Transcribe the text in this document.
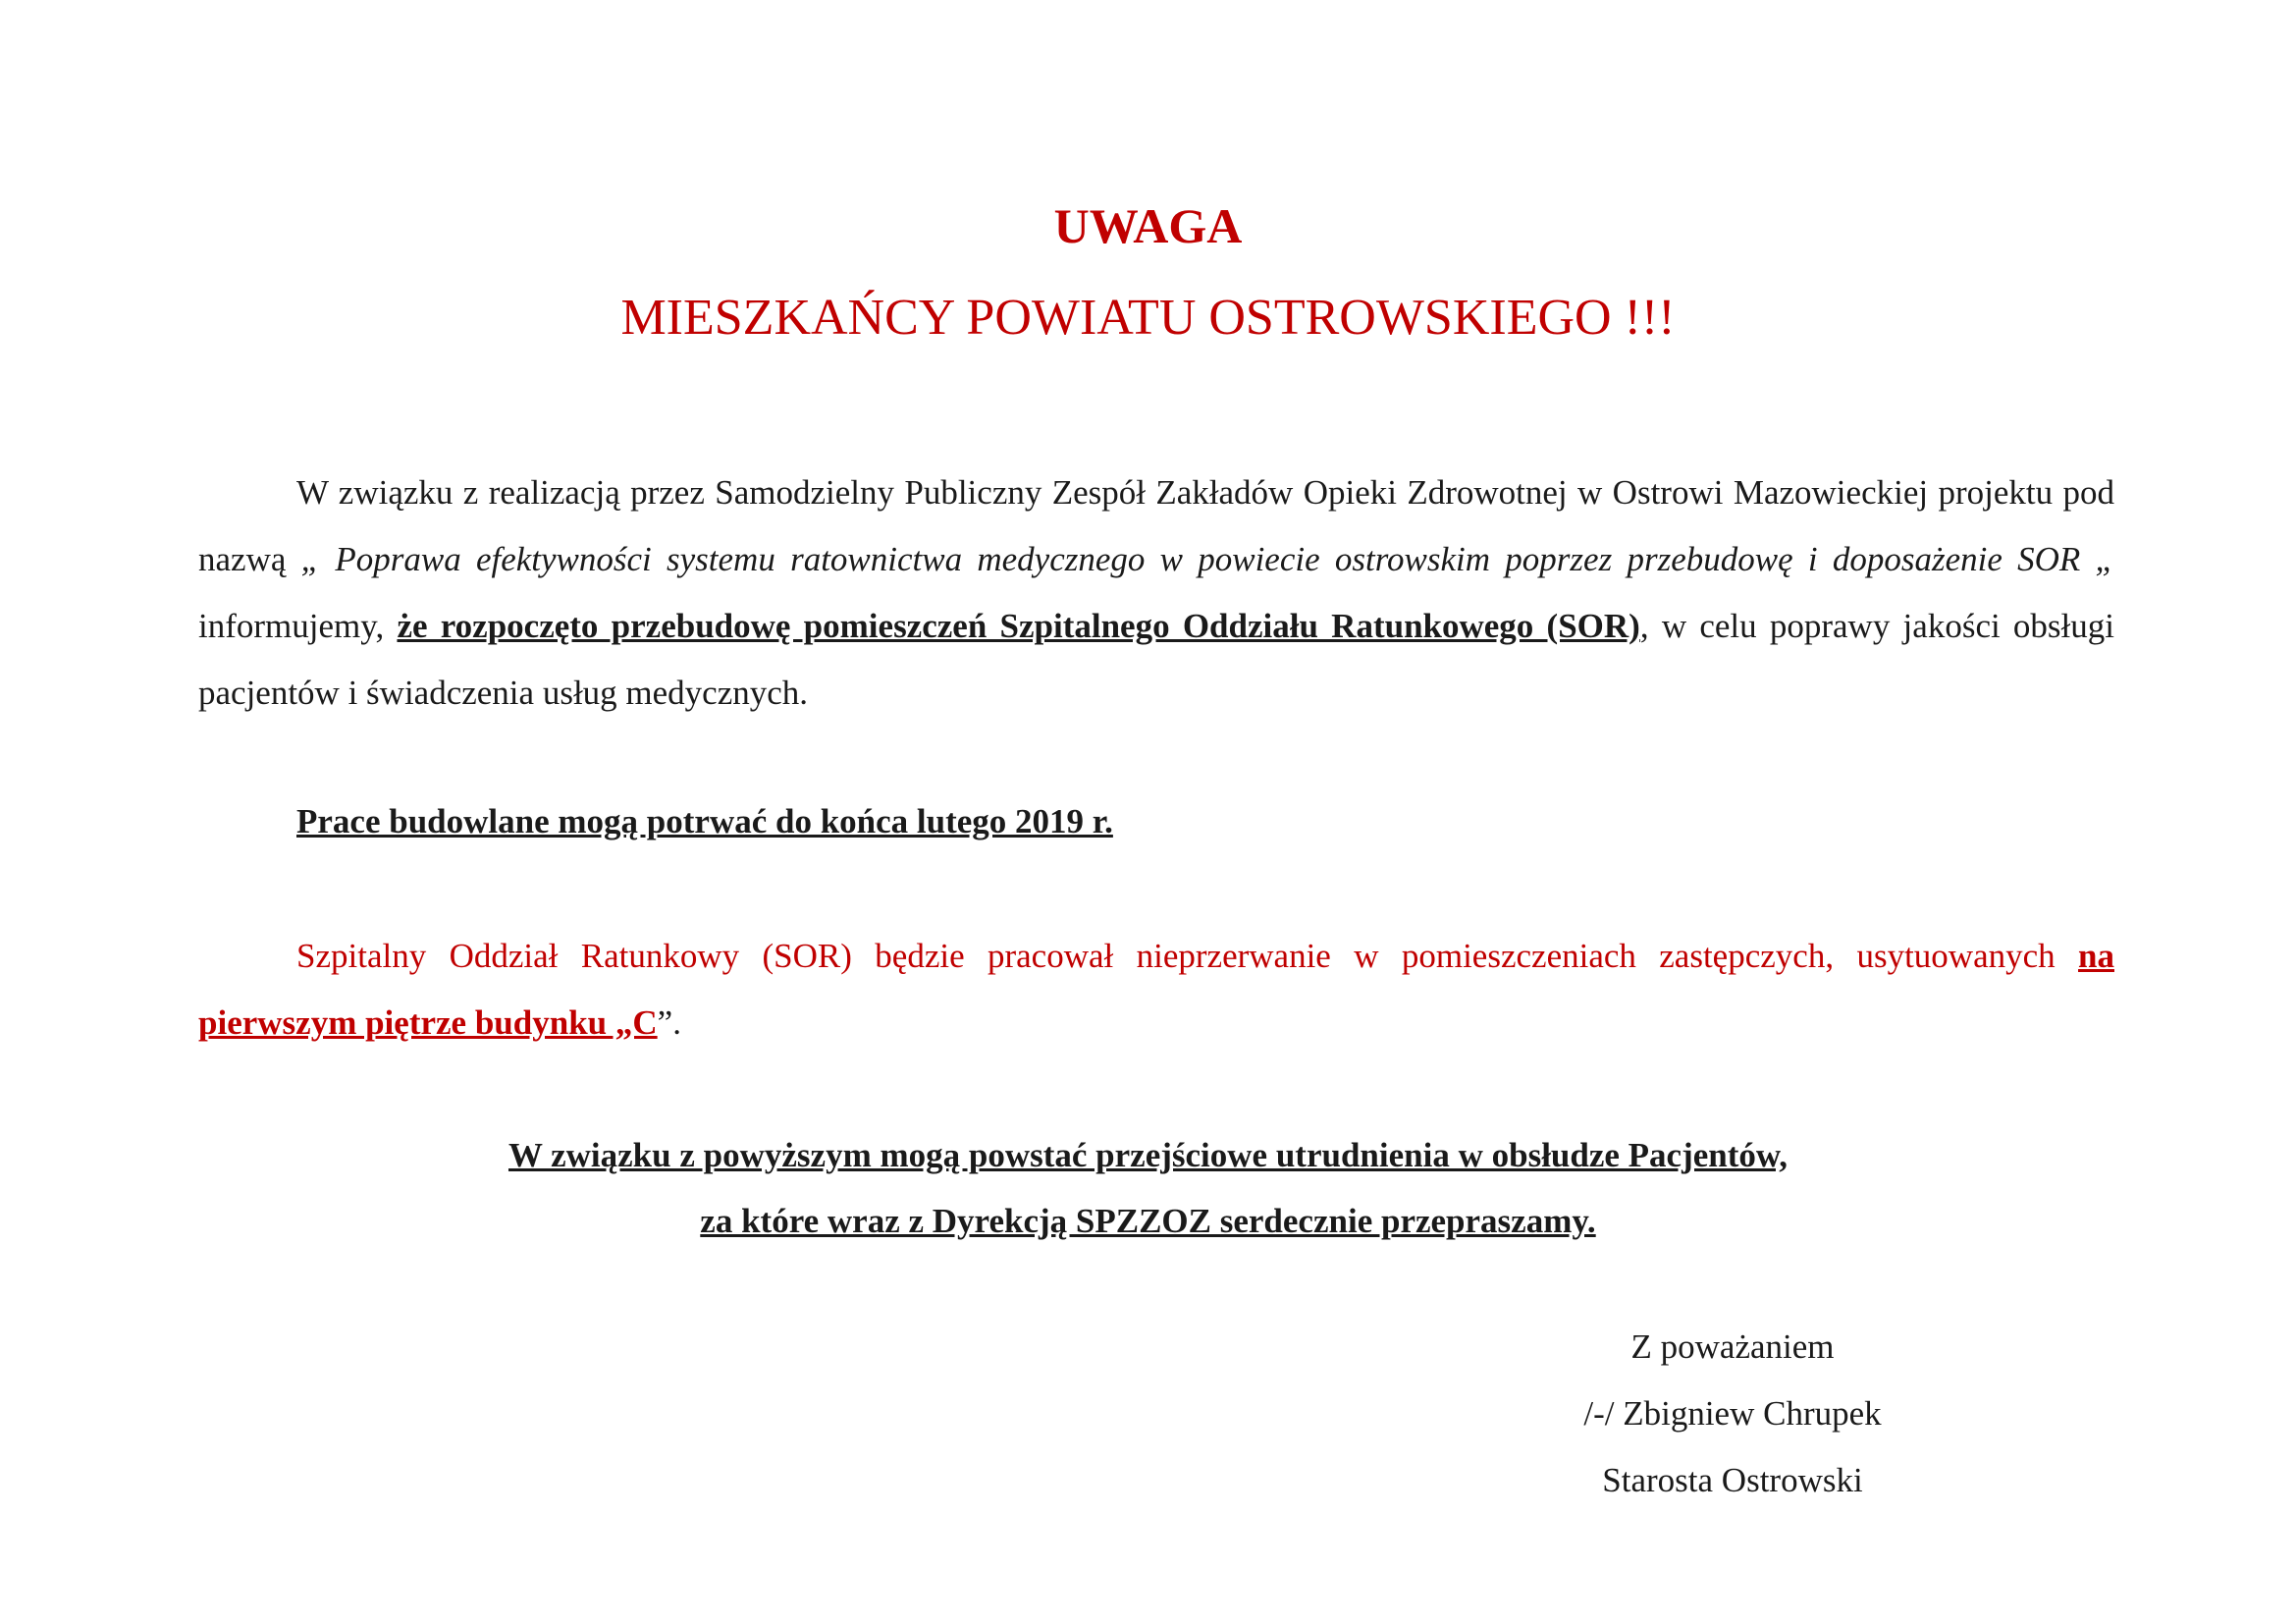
UWAGA
MIESZKAŃCY POWIATU OSTROWSKIEGO !!!

W związku z realizacją przez Samodzielny Publiczny Zespół Zakładów Opieki Zdrowotnej w Ostrowi Mazowieckiej projektu pod nazwą „ Poprawa efektywności systemu ratownictwa medycznego w powiecie ostrowskim poprzez przebudowę i doposażenie SOR „ informujemy, że rozpoczęto przebudowę pomieszczeń Szpitalnego Oddziału Ratunkowego (SOR), w celu poprawy jakości obsługi pacjentów i świadczenia usług medycznych.

Prace budowlane mogą potrwać do końca lutego 2019 r.

Szpitalny Oddział Ratunkowy (SOR) będzie pracował nieprzerwanie w pomieszczeniach zastępczych, usytuowanych na pierwszym piętrze budynku „C”.

W związku z powyższym mogą powstać przejściowe utrudnienia w obsłudze Pacjentów,

za które wraz z Dyrekcją SPZZOZ serdecznie przepraszamy.

Z poważaniem

/-/ Zbigniew Chrupek

Starosta Ostrowski
